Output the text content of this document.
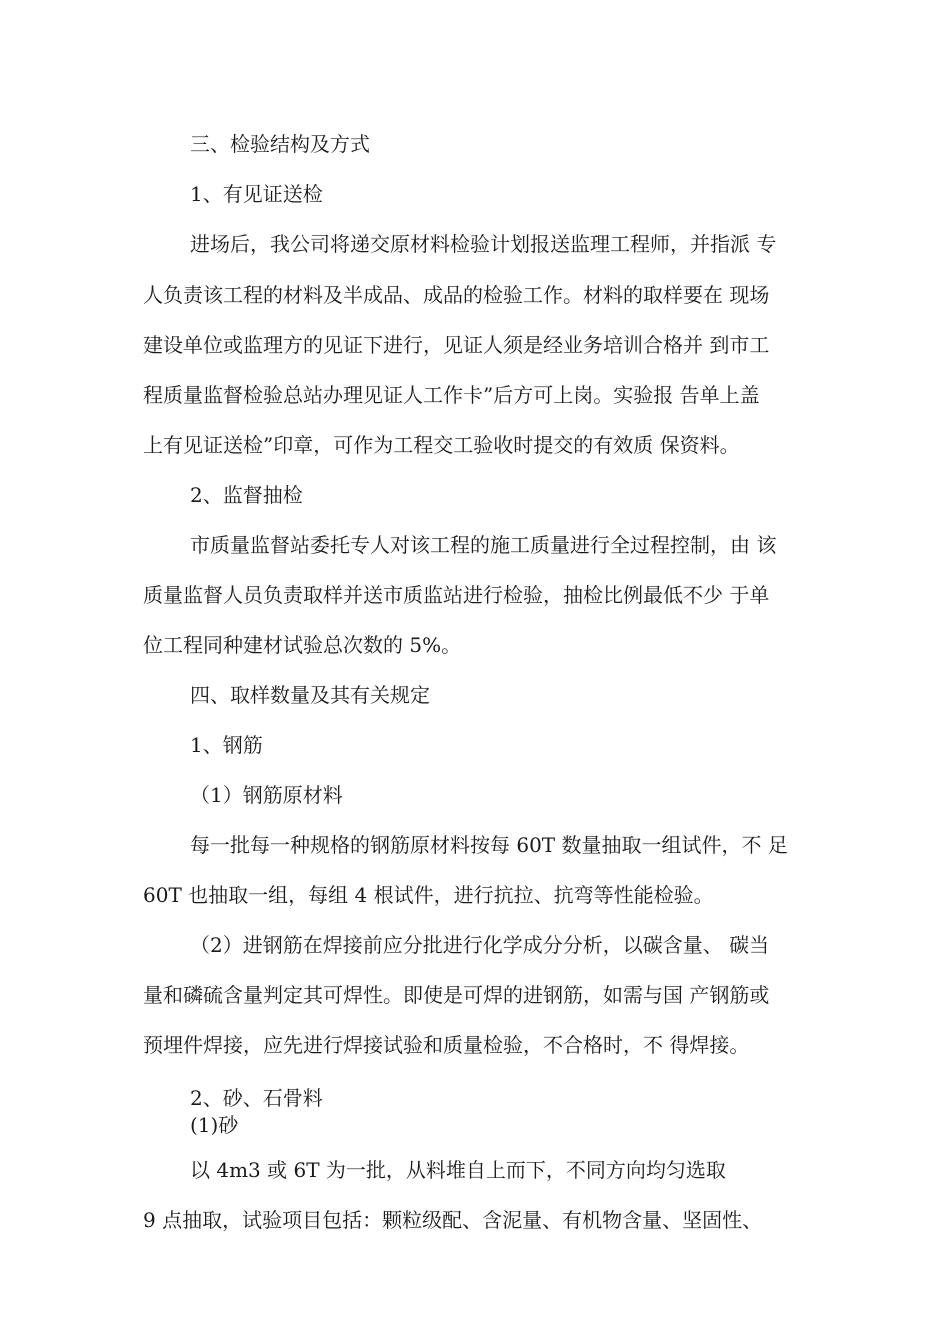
三、检验结构及方式
1、有见证送检
进场后，我公司将递交原材料检验计划报送监理工程师，并指派 专
人负责该工程的材料及半成品、成品的检验工作。材料的取样要在 现场
建设单位或监理方的见证下进行，见证人须是经业务培训合格并 到市工
程质量监督检验总站办理见证人工作卡”后方可上岗。实验报 告单上盖
上有见证送检”印章，可作为工程交工验收时提交的有效质 保资料。
2、监督抽检
市质量监督站委托专人对该工程的施工质量进行全过程控制，由 该
质量监督人员负责取样并送市质监站进行检验，抽检比例最低不少 于单
位工程同种建材试验总次数的 5%。
四、取样数量及其有关规定
1、钢筋
（1）钢筋原材料
每一批每一种规格的钢筋原材料按每 60T 数量抽取一组试件，不 足
60T 也抽取一组，每组 4 根试件，进行抗拉、抗弯等性能检验。
（2）进钢筋在焊接前应分批进行化学成分分析，以碳含量、 碳当
量和磷硫含量判定其可焊性。即使是可焊的进钢筋，如需与国 产钢筋或
预埋件焊接，应先进行焊接试验和质量检验，不合格时，不 得焊接。
2、砂、石骨料
(1)砂
以 4m3 或 6T 为一批，从料堆自上而下，不同方向均匀选取
9 点抽取，试验项目包括：颗粒级配、含泥量、有机物含量、坚固性、
